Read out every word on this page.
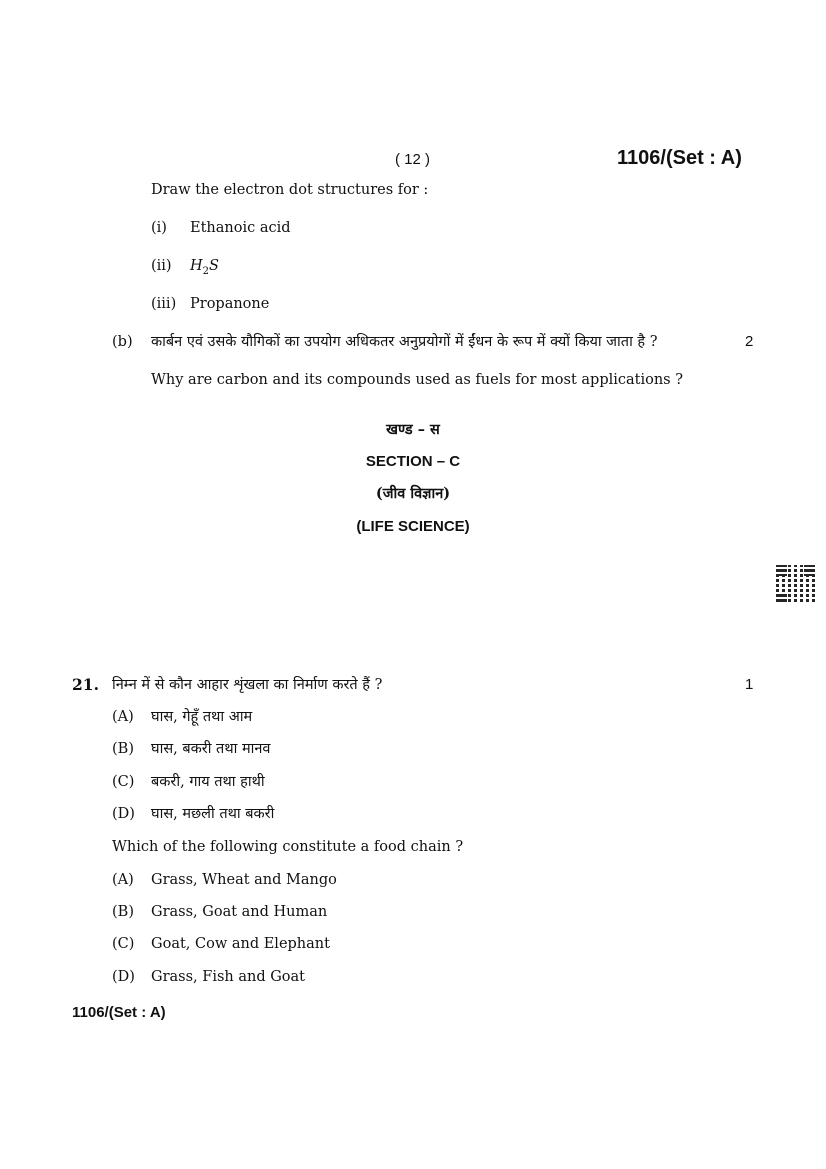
( 12 )	1106/(Set : A)
Draw the electron dot structures for :
(i) Ethanoic acid
(ii) $H_2S$
(iii) Propanone
(b) कार्बन एवं उसके यौगिकों का उपयोग अधिकतर अनुप्रयोगों में ईंधन के रूप में क्यों किया जाता है ?	2
Why are carbon and its compounds used as fuels for most applications ?
खण्ड – स
SECTION – C
(जीव विज्ञान)
(LIFE SCIENCE)
21. निम्न में से कौन आहार शृंखला का निर्माण करते हैं ?	1
(A) घास, गेहूँ तथा आम
(B) घास, बकरी तथा मानव
(C) बकरी, गाय तथा हाथी
(D) घास, मछली तथा बकरी
Which of the following constitute a food chain ?
(A) Grass, Wheat and Mango
(B) Grass, Goat and Human
(C) Goat, Cow and Elephant
(D) Grass, Fish and Goat
1106/(Set : A)
